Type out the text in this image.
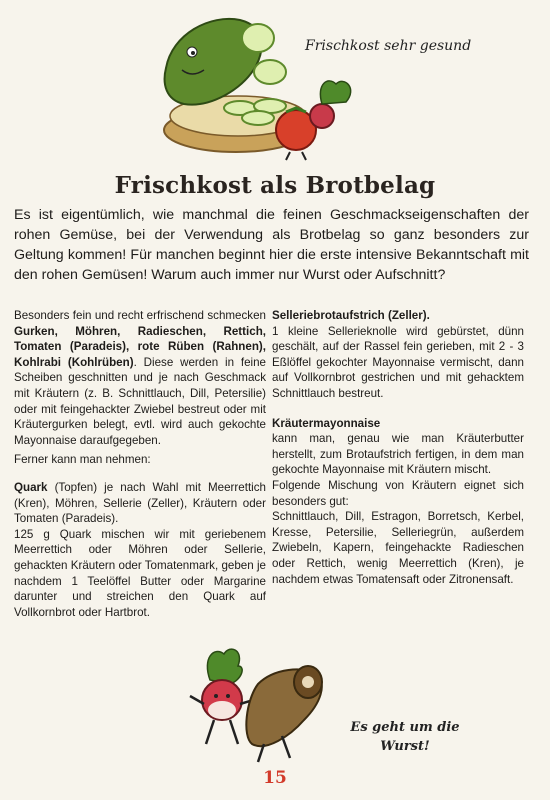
Frischkost sehr gesund
Frischkost als Brotbelag
Es ist eigentümlich, wie manchmal die feinen Geschmackseigenschaften der rohen Gemüse, bei der Verwendung als Brotbelag so ganz besonders zur Geltung kommen! Für manchen beginnt hier die erste intensive Bekanntschaft mit den rohen Gemüsen! Warum auch immer nur Wurst oder Aufschnitt?

Besonders fein und recht erfrischend schmecken Gurken, Möhren, Radieschen, Rettich, Tomaten (Paradeis), rote Rüben (Rahnen), Kohlrabi (Kohlrüben). Diese werden in feine Scheiben geschnitten und je nach Geschmack mit Kräutern (z. B. Schnittlauch, Dill, Petersilie) oder mit feingehackter Zwiebel bestreut oder mit Kräutergurken belegt, evtl. wird auch gekochte Mayonnaise daraufgegeben.

Ferner kann man nehmen:

Quark (Topfen) je nach Wahl mit Meerrettich (Kren), Möhren, Sellerie (Zeller), Kräutern oder Tomaten (Paradeis).

125 g Quark mischen wir mit geriebenem Meerrettich oder Möhren oder Sellerie, gehackten Kräutern oder Tomatenmark, geben je nachdem 1 Teelöffel Butter oder Margarine darunter und streichen den Quark auf Vollkornbrot oder Hartbrot.

Selleriebrotaufstrich (Zeller).

1 kleine Sellerieknolle wird gebürstet, dünn geschält, auf der Rassel fein gerieben, mit 2 - 3 Eßlöffel gekochter Mayonnaise vermischt, dann auf Vollkornbrot gestrichen und mit gehacktem Schnittlauch bestreut.

Kräutermayonnaise

kann man, genau wie man Kräuterbutter herstellt, zum Brotaufstrich fertigen, in dem man gekochte Mayonnaise mit Kräutern mischt.

Folgende Mischung von Kräutern eignet sich besonders gut:

Schnittlauch, Dill, Estragon, Borretsch, Kerbel, Kresse, Petersilie, Selleriegrün, außerdem Zwiebeln, Kapern, feingehackte Radieschen oder Rettich, wenig Meerrettich (Kren), je nachdem etwas Tomatensaft oder Zitronensaft.

Es geht um die
Wurst!
15
